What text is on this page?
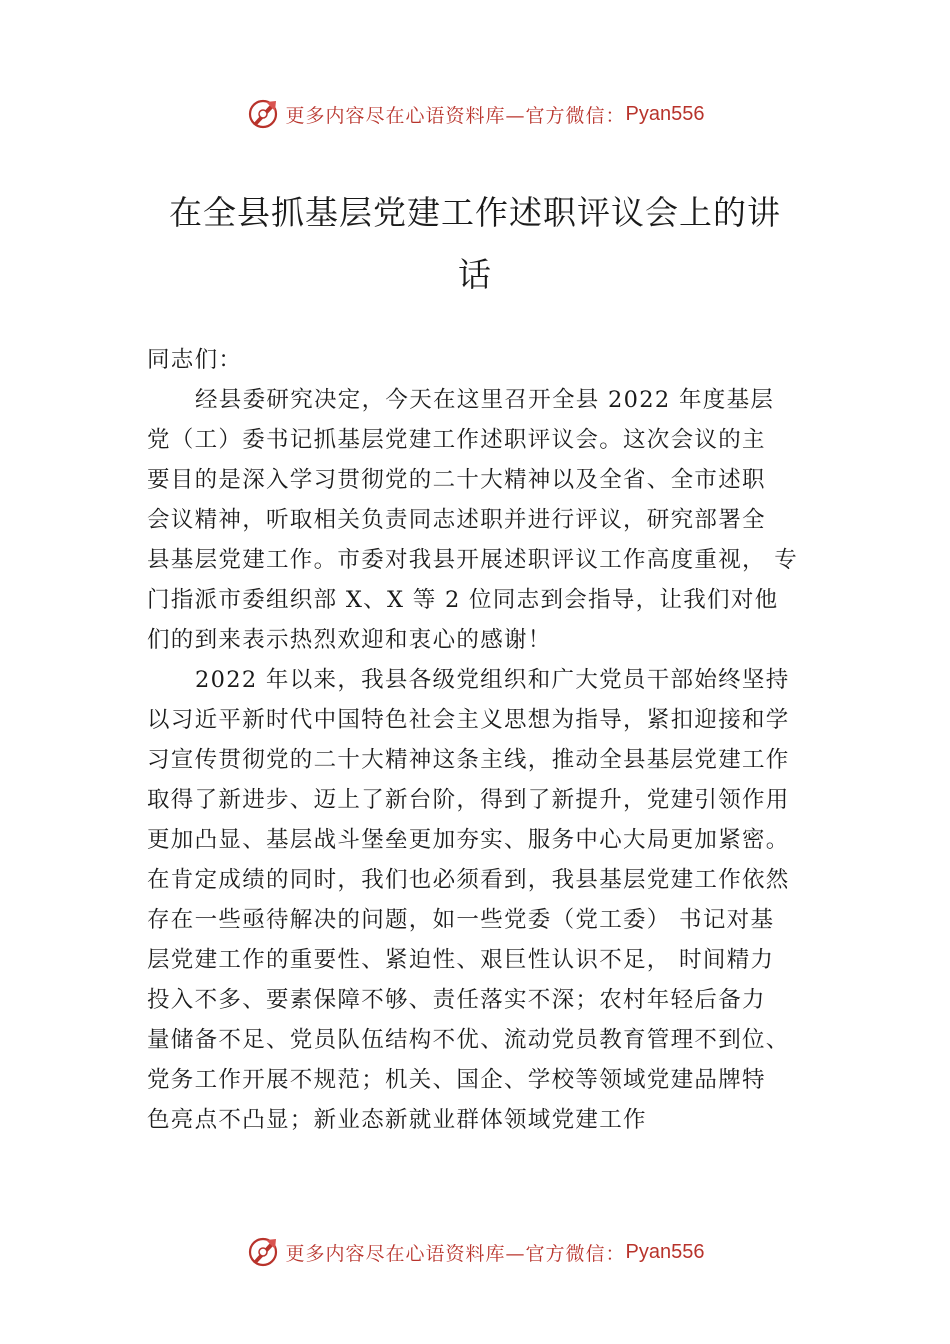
更多内容尽在心语资料库—官方微信： Pyan556
在全县抓基层党建工作述职评议会上的讲
话
同志们：
经县委研究决定，今天在这里召开全县 2022 年度基层
党（工）委书记抓基层党建工作述职评议会。这次会议的主
要目的是深入学习贯彻党的二十大精神以及全省、全市述职
会议精神，听取相关负责同志述职并进行评议，研究部署全
县基层党建工作。市委对我县开展述职评议工作高度重视， 专
门指派市委组织部 X、X 等 2 位同志到会指导，让我们对他
们的到来表示热烈欢迎和衷心的感谢！
2022 年以来，我县各级党组织和广大党员干部始终坚持
以习近平新时代中国特色社会主义思想为指导，紧扣迎接和学
习宣传贯彻党的二十大精神这条主线，推动全县基层党建工作
取得了新进步、迈上了新台阶，得到了新提升，党建引领作用
更加凸显、基层战斗堡垒更加夯实、服务中心大局更加紧密。
在肯定成绩的同时，我们也必须看到，我县基层党建工作依然
存在一些亟待解决的问题，如一些党委（党工委） 书记对基
层党建工作的重要性、紧迫性、艰巨性认识不足， 时间精力
投入不多、要素保障不够、责任落实不深；农村年轻后备力
量储备不足、党员队伍结构不优、流动党员教育管理不到位、
党务工作开展不规范；机关、国企、学校等领域党建品牌特
色亮点不凸显；新业态新就业群体领域党建工作
更多内容尽在心语资料库—官方微信： Pyan556
